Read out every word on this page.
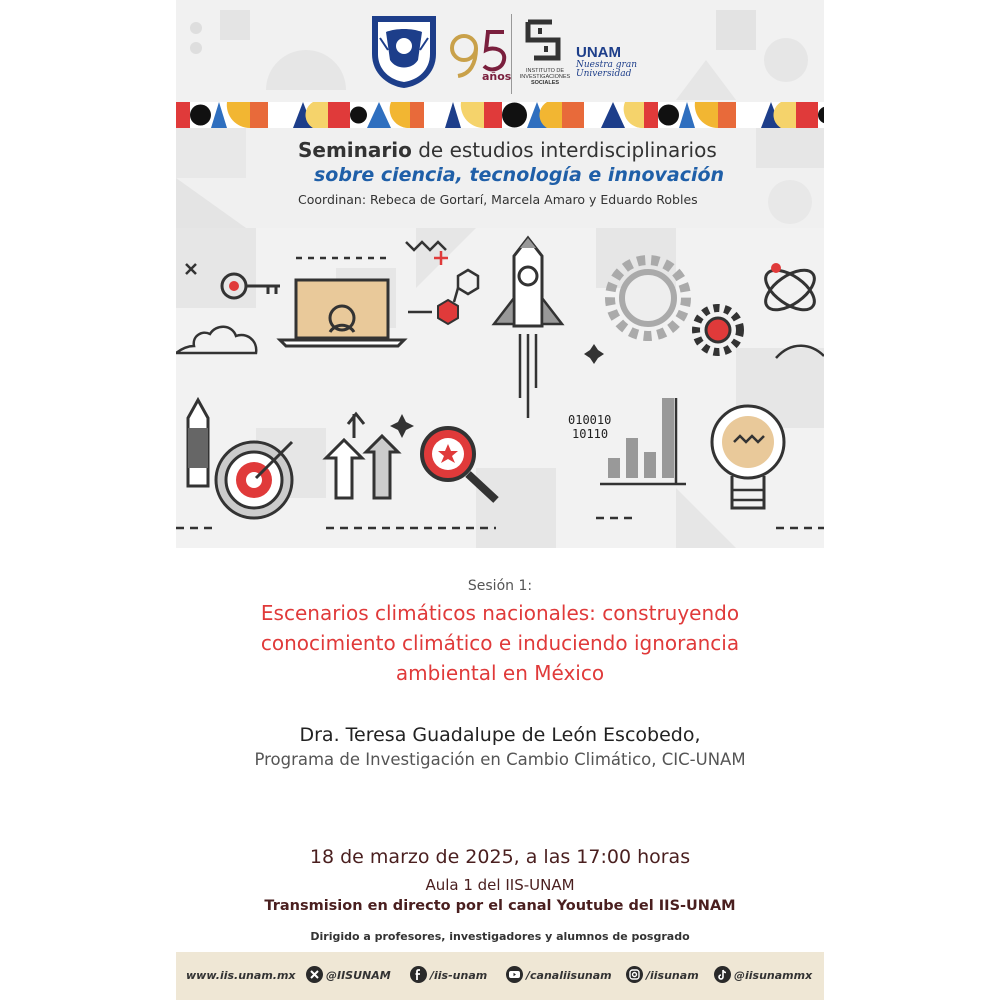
años	INSTITUTO DE
INVESTIGACIONES
SOCIALES
UNAM
Nuestra gran Universidad
Seminario de estudios interdisciplinarios
sobre ciencia, tecnología e innovación
Coordinan: Rebeca de Gortarí, Marcela Amaro y Eduardo Robles
010010
10110
Sesión 1:
Escenarios climáticos nacionales: construyendo
conocimiento climático e induciendo ignorancia
ambiental en México
Dra. Teresa Guadalupe de León Escobedo,
Programa de Investigación en Cambio Climático, CIC-UNAM
18 de marzo de 2025, a las 17:00 horas
Aula 1 del IIS-UNAM
Transmision en directo por el canal Youtube del IIS-UNAM
Dirigido a profesores, investigadores y alumnos de posgrado
www.iis.unam.mx	@IISUNAM	/iis-unam	/canaliisunam	/iisunam	@iisunammx
